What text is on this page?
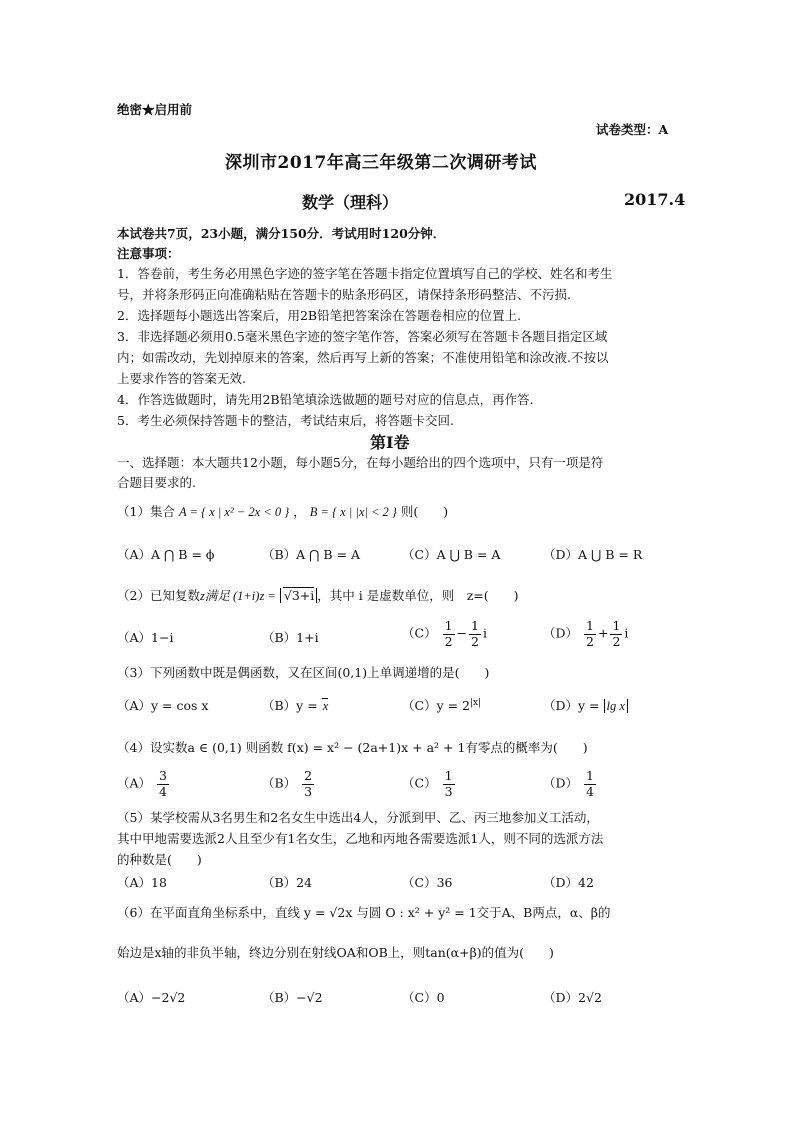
绝密★启用前
试卷类型：A
深圳市2017年高三年级第二次调研考试
数学（理科）	2017.4
本试卷共7页，23小题，满分150分．考试用时120分钟．
注意事项：
1．答卷前，考生务必用黑色字迹的签字笔在答题卡指定位置填写自己的学校、姓名和考生
号，并将条形码正向准确粘贴在答题卡的贴条形码区，请保持条形码整洁、不污损.
2．选择题每小题选出答案后，用2B铅笔把答案涂在答题卷相应的位置上.
3．非选择题必须用0.5毫米黑色字迹的签字笔作答，答案必须写在答题卡各题目指定区域
内；如需改动，先划掉原来的答案，然后再写上新的答案；不准使用铅笔和涂改液.不按以
上要求作答的答案无效.
4．作答选做题时，请先用2B铅笔填涂选做题的题号对应的信息点，再作答.
5．考生必须保持答题卡的整洁，考试结束后，将答题卡交回.
第Ⅰ卷
一、选择题：本大题共12小题，每小题5分，在每小题给出的四个选项中，只有一项是符
合题目要求的.
（1）集合 A = { x | x² − 2x < 0 } ， B = { x | |x| < 2 } 则(　　)
（A）A ⋂ B = ϕ	（B）A ⋂ B = A	（C）A ⋃ B = A	（D）A ⋃ B = R
（2）已知复数z满足 (1+i)z = √3+i ，其中 i 是虚数单位，则　z=(　　)
（A）1−i	（B）1+i	$(C) \frac{1}{2} - \frac{1}{2}$ i	$(D) \frac{1}{2} + \frac{1}{2}$ i
（3）下列函数中既是偶函数，又在区间(0,1)上单调递增的是(　　)
（A）y = cos x	（B）y = x	$(C)y = 2^{|x|}$	（D）y = lg x
（4）设实数a ∈ (0,1) 则函数 f(x) = x² − (2a+1)x + a² + 1有零点的概率为(　　)
$(A) \frac{3}{4}$	$(B) \frac{2}{3}$	$(C) \frac{1}{3}$	$(D) \frac{1}{4}$
（5）某学校需从3名男生和2名女生中选出4人，分派到甲、乙、丙三地参加义工活动，
其中甲地需要选派2人且至少有1名女生，乙地和丙地各需要选派1人，则不同的选派方法
的种数是(　　)
（A）18	（B）24	（C）36	（D）42
（6）在平面直角坐标系中，直线 y = √2x 与圆 O : x² + y² = 1交于A、B两点，α、β的
始边是x轴的非负半轴，终边分别在射线OA和OB上，则tan(α+β)的值为(　　)
（A）−2√2	（B）−√2	（C）0	（D）2√2
